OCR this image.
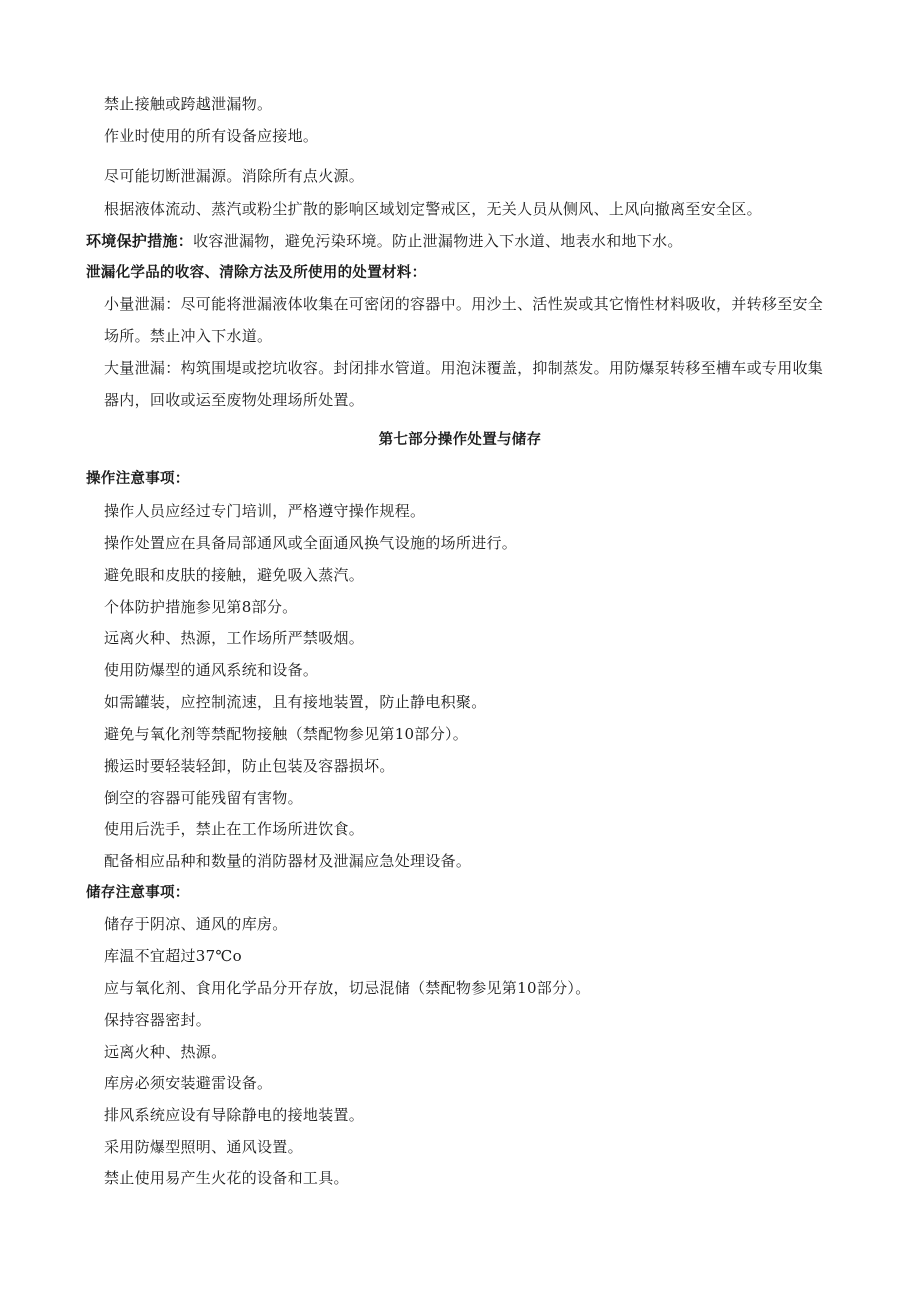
禁止接触或跨越泄漏物。
作业时使用的所有设备应接地。
尽可能切断泄漏源。消除所有点火源。
根据液体流动、蒸汽或粉尘扩散的影响区域划定警戒区，无关人员从侧风、上风向撤离至安全区。
环境保护措施：收容泄漏物，避免污染环境。防止泄漏物进入下水道、地表水和地下水。
泄漏化学品的收容、清除方法及所使用的处置材料：
小量泄漏：尽可能将泄漏液体收集在可密闭的容器中。用沙土、活性炭或其它惰性材料吸收，并转移至安全
场所。禁止冲入下水道。
大量泄漏：构筑围堤或挖坑收容。封闭排水管道。用泡沫覆盖，抑制蒸发。用防爆泵转移至槽车或专用收集
器内，回收或运至废物处理场所处置。
第七部分操作处置与储存
操作注意事项：
操作人员应经过专门培训，严格遵守操作规程。
操作处置应在具备局部通风或全面通风换气设施的场所进行。
避免眼和皮肤的接触，避免吸入蒸汽。
个体防护措施参见第8部分。
远离火种、热源，工作场所严禁吸烟。
使用防爆型的通风系统和设备。
如需罐装，应控制流速，且有接地装置，防止静电积聚。
避免与氧化剂等禁配物接触（禁配物参见第10部分）。
搬运时要轻装轻卸，防止包装及容器损坏。
倒空的容器可能残留有害物。
使用后洗手，禁止在工作场所进饮食。
配备相应品种和数量的消防器材及泄漏应急处理设备。
储存注意事项：
储存于阴凉、通风的库房。
库温不宜超过37℃o
应与氧化剂、食用化学品分开存放，切忌混储（禁配物参见第10部分）。
保持容器密封。
远离火种、热源。
库房必须安装避雷设备。
排风系统应设有导除静电的接地装置。
采用防爆型照明、通风设置。
禁止使用易产生火花的设备和工具。
